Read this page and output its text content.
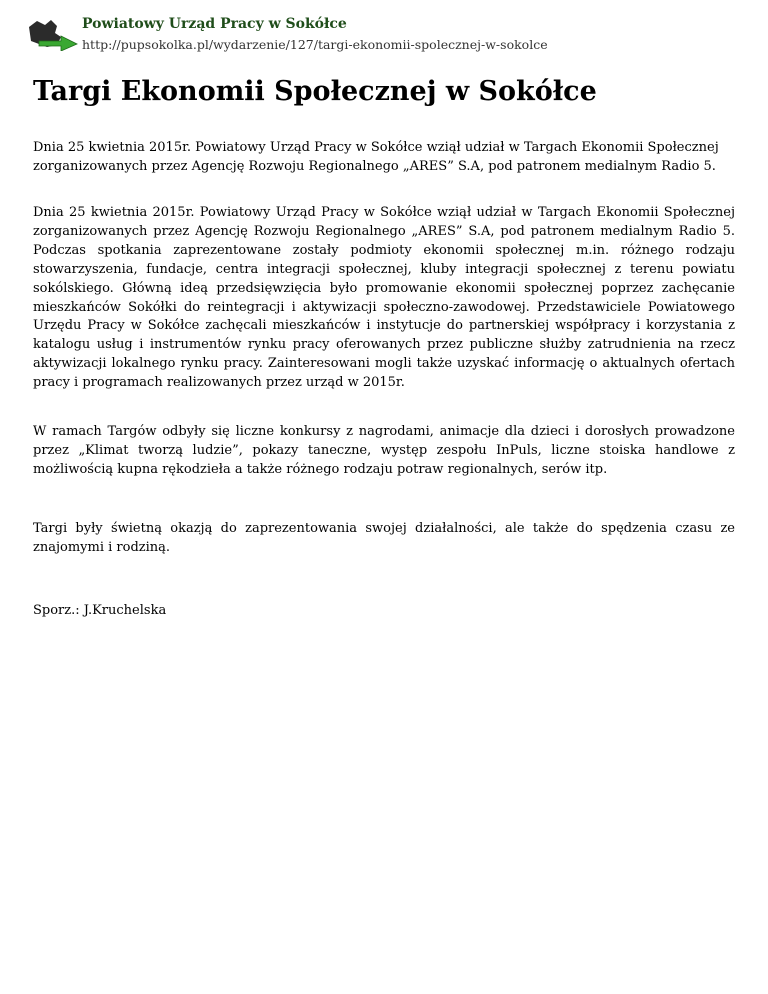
Powiatowy Urząd Pracy w Sokółce
http://pupsokolka.pl/wydarzenie/127/targi-ekonomii-spolecznej-w-sokolce
Targi Ekonomii Społecznej w Sokółce

Dnia 25 kwietnia 2015r. Powiatowy Urząd Pracy w Sokółce wziął udział w Targach Ekonomii Społecznej zorganizowanych przez Agencję Rozwoju Regionalnego „ARES” S.A, pod patronem medialnym Radio 5.

Dnia 25 kwietnia 2015r. Powiatowy Urząd Pracy w Sokółce wziął udział w Targach Ekonomii Społecznej zorganizowanych przez Agencję Rozwoju Regionalnego „ARES” S.A, pod patronem medialnym Radio 5. Podczas spotkania zaprezentowane zostały podmioty ekonomii społecznej m.in. różnego rodzaju stowarzyszenia, fundacje, centra integracji społecznej, kluby integracji społecznej z terenu powiatu sokólskiego. Główną ideą przedsięwzięcia było promowanie ekonomii społecznej poprzez zachęcanie mieszkańców Sokółki do reintegracji i aktywizacji społeczno-zawodowej. Przedstawiciele Powiatowego Urzędu Pracy w Sokółce zachęcali mieszkańców i instytucje do partnerskiej współpracy i korzystania z katalogu usług i instrumentów rynku pracy oferowanych przez publiczne służby zatrudnienia na rzecz aktywizacji lokalnego rynku pracy. Zainteresowani mogli także uzyskać informację o aktualnych ofertach pracy i programach realizowanych przez urząd w 2015r.

W ramach Targów odbyły się liczne konkursy z nagrodami, animacje dla dzieci i dorosłych prowadzone przez „Klimat tworzą ludzie”, pokazy taneczne, występ zespołu InPuls, liczne stoiska handlowe z możliwością kupna rękodzieła a także różnego rodzaju potraw regionalnych, serów itp.

Targi były świetną okazją do zaprezentowania swojej działalności, ale także do spędzenia czasu ze znajomymi i rodziną.

Sporz.: J.Kruchelska
